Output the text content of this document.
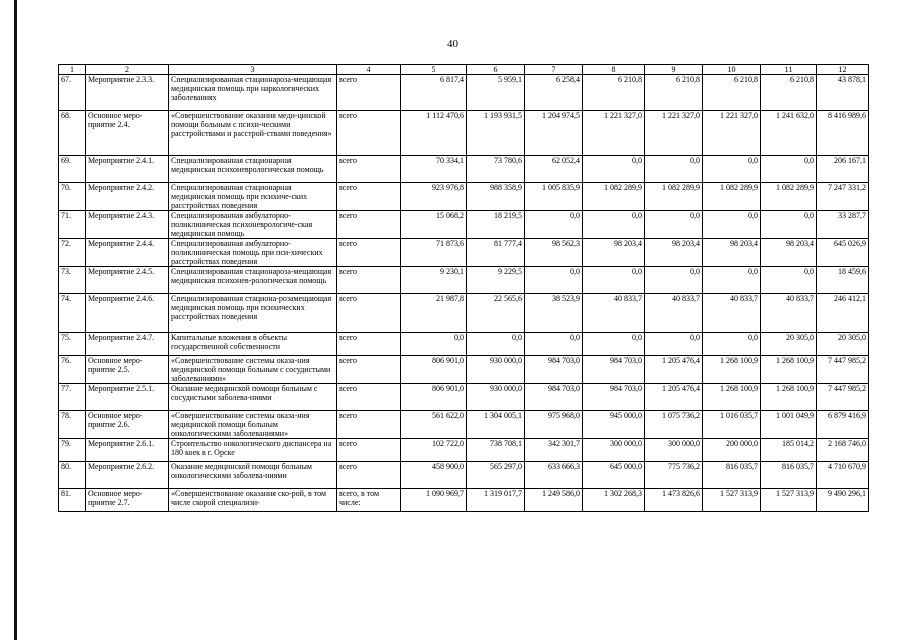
40
1	2	3	4	5	6	7	8	9	10	11	12
67.	Мероприятие 2.3.3.	Специализированная стационароза-мещающая медицинская помощь при наркологических заболеваниях	всего	6 817,4	5 959,1	6 258,4	6 210,8	6 210,8	6 210,8	6 210,8	43 878,1
68.	Основное меро-приятие 2.4.	«Совершенствование оказания меди-цинской помощи больным с психи-ческими расстройствами и расстрой-ствами поведения»	всего	1 112 470,6	1 193 931,5	1 204 974,5	1 221 327,0	1 221 327,0	1 221 327,0	1 241 632,0	8 416 989,6
69.	Мероприятие 2.4.1.	Специализированная стационарная медицинская психоневрологическая помощь	всего	70 334,1	73 780,6	62 052,4	0,0	0,0	0,0	0,0	206 167,1
70.	Мероприятие 2.4.2.	Специализированная стационарная медицинская помощь при психиче-ских расстройствах поведения	всего	923 976,8	988 358,9	1 005 835,9	1 082 289,9	1 082 289,9	1 082 289,9	1 082 289,9	7 247 331,2
71.	Мероприятие 2.4.3.	Специализированная амбулаторно-поликлиническая психоневрологиче-ская медицинская помощь	всего	15 068,2	18 219,5	0,0	0,0	0,0	0,0	0,0	33 287,7
72.	Мероприятие 2.4.4.	Специализированная амбулаторно-поликлиническая помощь при пси-хических расстройствах поведения	всего	71 873,6	81 777,4	98 562,3	98 203,4	98 203,4	98 203,4	98 203,4	645 026,9
73.	Мероприятие 2.4.5.	Специализированная стационароза-мещающая медицинская психонев-рологическая помощь	всего	9 230,1	9 229,5	0,0	0,0	0,0	0,0	0,0	18 459,6
74.	Мероприятие 2.4.6.	Специализированная стациона-розамещающая медицинская помощь при психических расстройствах поведения	всего	21 987,8	22 565,6	38 523,9	40 833,7	40 833,7	40 833,7	40 833,7	246 412,1
75.	Мероприятие 2.4.7.	Капитальные вложения в объекты государственной собственности	всего	0,0	0,0	0,0	0,0	0,0	0,0	20 305,0	20 305,0
76.	Основное меро-приятие 2.5.	«Совершенствование системы оказа-ния медицинской помощи больным с сосудистыми заболеваниями»	всего	806 901,0	930 000,0	984 703,0	984 703,0	1 205 476,4	1 268 100,9	1 268 100,9	7 447 985,2
77.	Мероприятие 2.5.1.	Оказание медицинской помощи больным с сосудистыми заболева-ниями	всего	806 901,0	930 000,0	984 703,0	984 703,0	1 205 476,4	1 268 100,9	1 268 100,9	7 447 985,2
78.	Основное меро-приятие 2.6.	«Совершенствование системы оказа-ния медицинской помощи больным онкологическими заболеваниями»	всего	561 622,0	1 304 005,1	975 968,0	945 000,0	1 075 736,2	1 016 035,7	1 001 049,9	6 879 416,9
79.	Мероприятие 2.6.1.	Строительство онкологического диспансера на 180 коек в г. Орске	всего	102 722,0	738 708,1	342 301,7	300 000,0	300 000,0	200 000,0	185 014,2	2 168 746,0
80.	Мероприятие 2.6.2.	Оказание медицинской помощи больным онкологическими заболева-ниями	всего	458 900,0	565 297,0	633 666,3	645 000,0	775 736,2	816 035,7	816 035,7	4 710 670,9
81.	Основное меро-приятие 2.7.	«Совершенствование оказания ско-рой, в том числе скорой специализи-	всего, в том числе:	1 090 969,7	1 319 017,7	1 249 586,0	1 302 268,3	1 473 826,6	1 527 313,9	1 527 313,9	9 490 296,1
